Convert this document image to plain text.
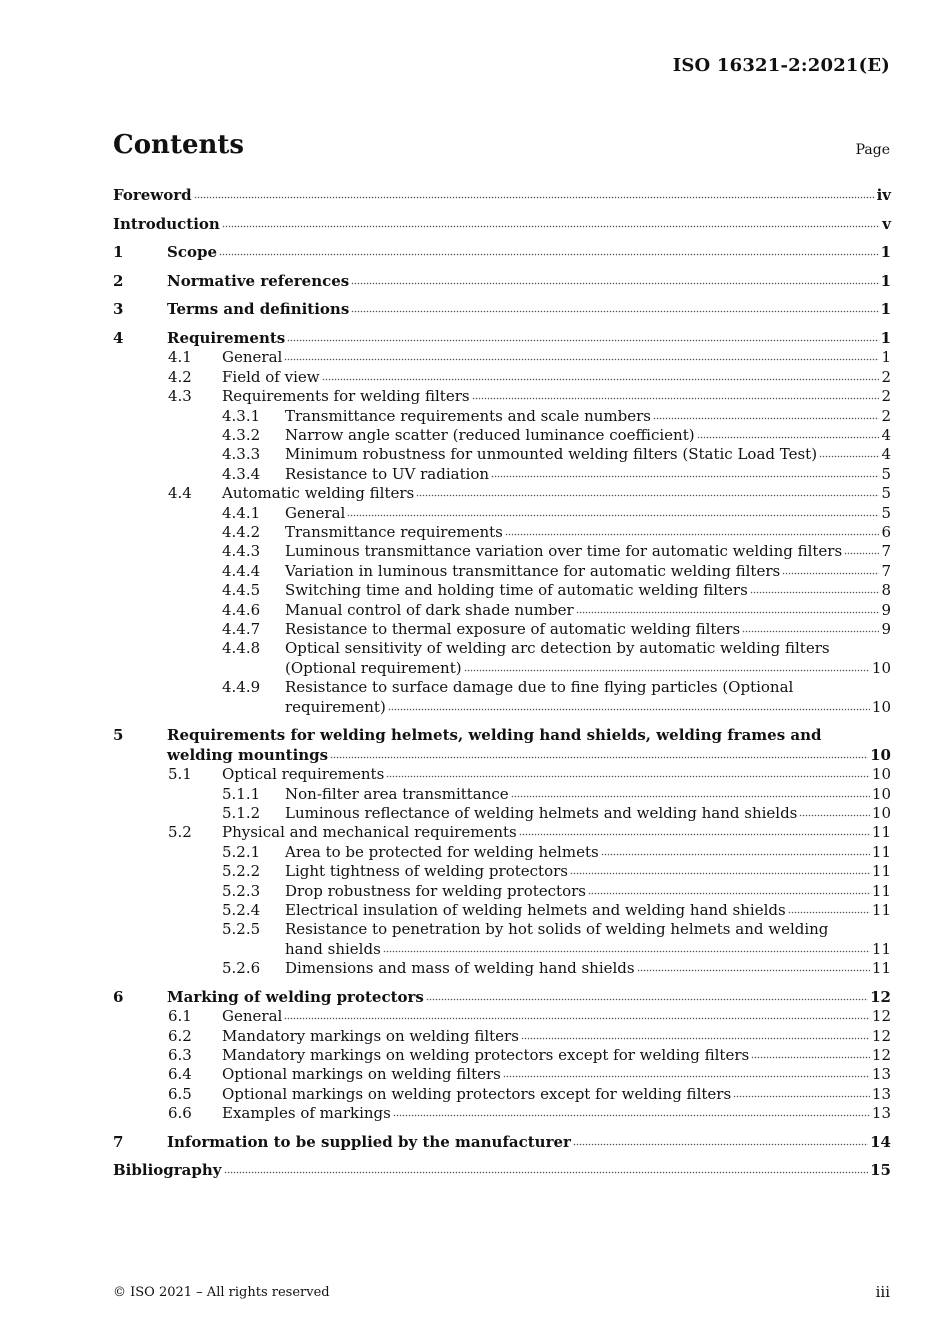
ISO 16321-2:2021(E)
Contents	Page
Foreword	iv
Introduction	v
1	Scope	1
2	Normative references	1
3	Terms and definitions	1
4	Requirements	1
4.1 General	1
4.2 Field of view	2
4.3 Requirements for welding filters	2
4.3.1 Transmittance requirements and scale numbers	2
4.3.2 Narrow angle scatter (reduced luminance coefficient)	4
4.3.3 Minimum robustness for unmounted welding filters (Static Load Test)	4
4.3.4 Resistance to UV radiation	5
4.4 Automatic welding filters	5
4.4.1 General	5
4.4.2 Transmittance requirements	6
4.4.3 Luminous transmittance variation over time for automatic welding filters	7
4.4.4 Variation in luminous transmittance for automatic welding filters	7
4.4.5 Switching time and holding time of automatic welding filters	8
4.4.6 Manual control of dark shade number	9
4.4.7 Resistance to thermal exposure of automatic welding filters	9
4.4.8	Optical sensitivity of welding arc detection by automatic welding filters
(Optional requirement)	10
4.4.9	Resistance to surface damage due to fine flying particles (Optional
requirement)	10
5	Requirements for welding helmets, welding hand shields, welding frames and
welding mountings	10
5.1 Optical requirements	10
5.1.1 Non-filter area transmittance	10
5.1.2 Luminous reflectance of welding helmets and welding hand shields	10
5.2 Physical and mechanical requirements	11
5.2.1 Area to be protected for welding helmets	11
5.2.2 Light tightness of welding protectors	11
5.2.3 Drop robustness for welding protectors	11
5.2.4 Electrical insulation of welding helmets and welding hand shields	11
5.2.5	Resistance to penetration by hot solids of welding helmets and welding
hand shields	11
5.2.6 Dimensions and mass of welding hand shields	11
6	Marking of welding protectors	12
6.1 General	12
6.2 Mandatory markings on welding filters	12
6.3 Mandatory markings on welding protectors except for welding filters	12
6.4 Optional markings on welding filters	13
6.5 Optional markings on welding protectors except for welding filters	13
6.6 Examples of markings	13
7	Information to be supplied by the manufacturer	14
Bibliography	15
© ISO 2021 – All rights reserved	iii
